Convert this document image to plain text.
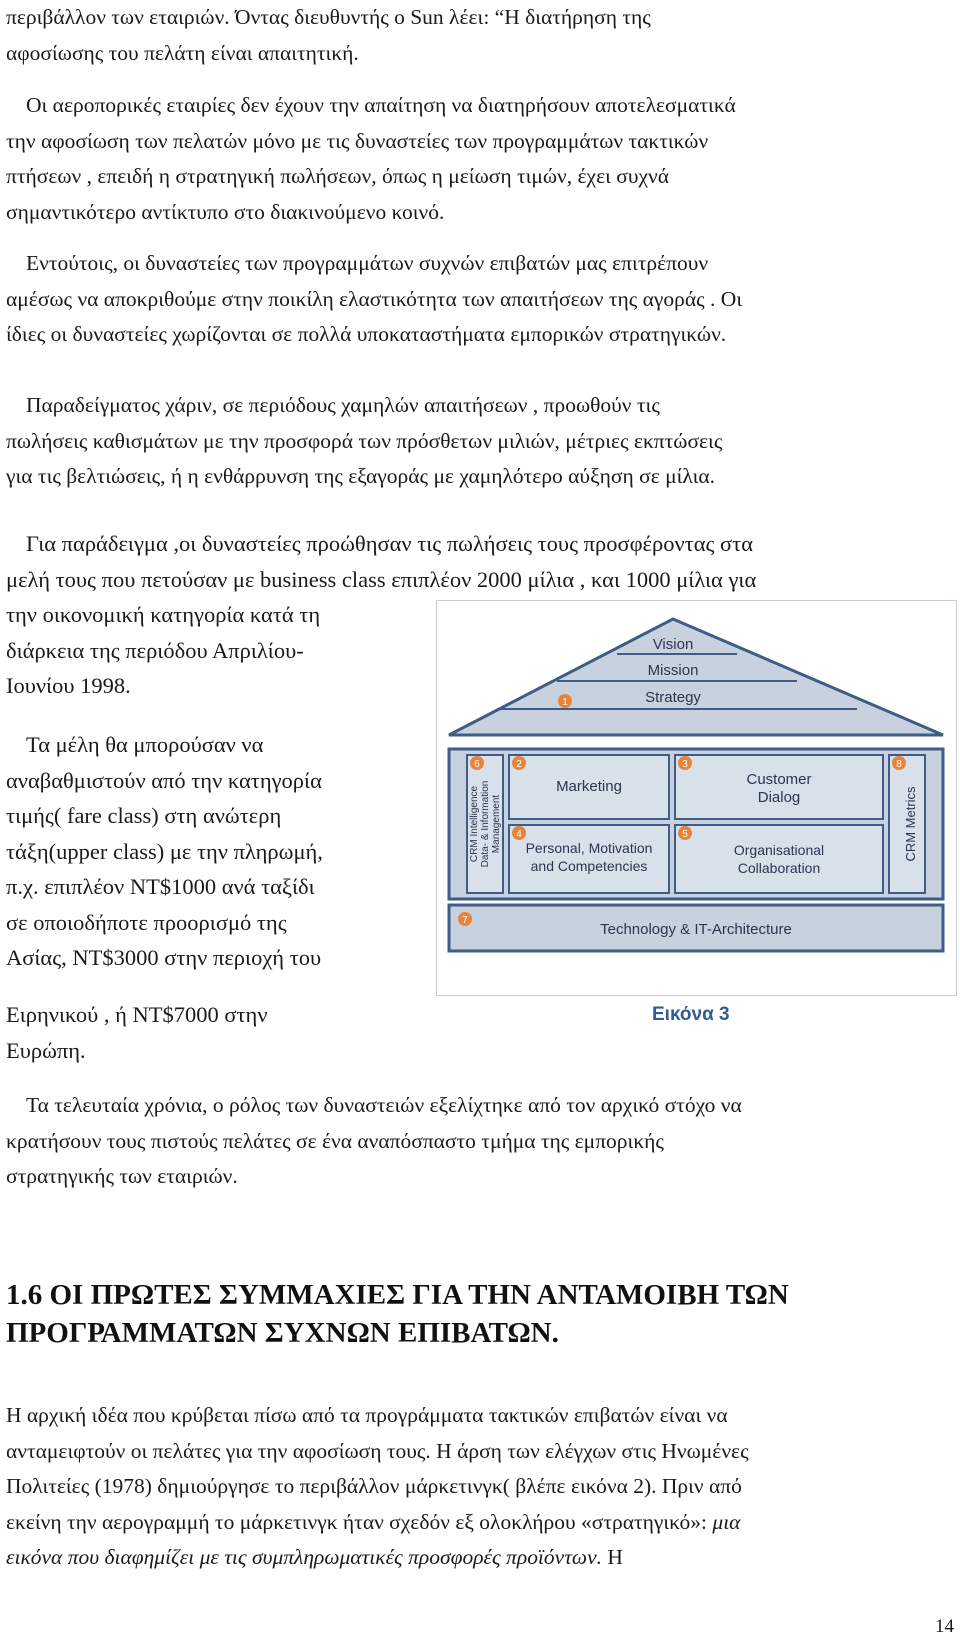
περιβάλλον των εταιριών. Όντας διευθυντής ο Sun λέει: “Η διατήρηση της
αφοσίωσης του πελάτη είναι απαιτητική.
Οι αεροπορικές εταιρίες δεν έχουν την απαίτηση να διατηρήσουν αποτελεσματικά
την αφοσίωση των πελατών μόνο με τις δυναστείες των προγραμμάτων τακτικών
πτήσεων , επειδή η στρατηγική πωλήσεων, όπως η μείωση τιμών, έχει συχνά
σημαντικότερο αντίκτυπο στο διακινούμενο κοινό.
Εντούτοις, οι δυναστείες των προγραμμάτων συχνών επιβατών μας επιτρέπουν
αμέσως να αποκριθούμε στην ποικίλη ελαστικότητα των απαιτήσεων της αγοράς . Οι
ίδιες οι δυναστείες χωρίζονται σε πολλά υποκαταστήματα εμπορικών στρατηγικών.
Παραδείγματος χάριν, σε περιόδους χαμηλών απαιτήσεων , προωθούν τις
πωλήσεις καθισμάτων με την προσφορά των πρόσθετων μιλιών, μέτριες εκπτώσεις
για τις βελτιώσεις, ή η ενθάρρυνση της εξαγοράς με χαμηλότερο αύξηση σε μίλια.
Για παράδειγμα ,οι δυναστείες προώθησαν τις πωλήσεις τους προσφέροντας στα
μελή τους που πετούσαν με business class επιπλέον 2000 μίλια , και 1000 μίλια για
την οικονομική κατηγορία κατά τη
διάρκεια της περιόδου Απριλίου-
Ιουνίου 1998.
Τα μέλη θα μπορούσαν να
αναβαθμιστούν από την κατηγορία
τιμής( fare class) στη ανώτερη
τάξη(upper class) με την πληρωμή,
π.χ. επιπλέον NT$1000 ανά ταξίδι
σε οποιοδήποτε προορισμό της
Ασίας, NT$3000 στην περιοχή του
Ειρηνικού , ή NT$7000 στην
Ευρώπη.
Τα τελευταία χρόνια, ο ρόλος των δυναστειών εξελίχτηκε από τον αρχικό στόχο να
κρατήσουν τους πιστούς πελάτες σε ένα αναπόσπαστο τμήμα της εμπορικής
στρατηγικής των εταιριών.
1.6 ΟΙ ΠΡΩΤΕΣ ΣΥΜΜΑΧΙΕΣ ΓΙΑ ΤΗΝ ΑΝΤΑΜΟΙΒΗ ΤΩΝ
ΠΡΟΓΡΑΜΜΑΤΩΝ ΣΥΧΝΩΝ ΕΠΙΒΑΤΩΝ.
Η αρχική ιδέα που κρύβεται πίσω από τα προγράμματα τακτικών επιβατών είναι να
ανταμειφτούν οι πελάτες για την αφοσίωση τους. Η άρση των ελέγχων στις Ηνωμένες
Πολιτείες (1978) δημιούργησε το περιβάλλον μάρκετινγκ( βλέπε εικόνα 2). Πριν από
εκείνη την αερογραμμή το μάρκετινγκ ήταν σχεδόν εξ ολοκλήρου «στρατηγικό»: μια
εικόνα που διαφημίζει με τις συμπληρωματικές προσφορές προϊόντων. Η
Vision
Mission
Strategy
1
CRM Intelligence Data- & Information Management
6
CRM Metrics
8
Marketing
2
Customer
Dialog
3
Personal, Motivation
and Competencies
4
Organisational
Collaboration
5
Technology & IT-Architecture
7
Εικόνα 3
14
